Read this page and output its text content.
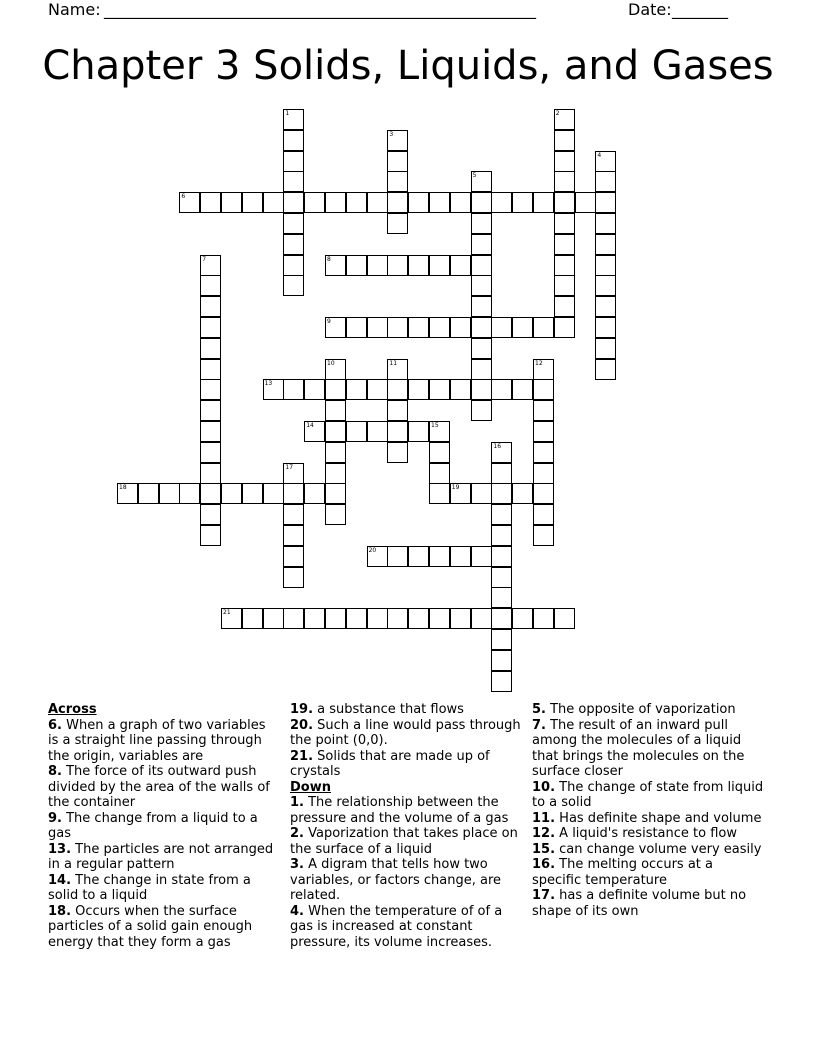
Name: ______________________________________________________	Date: _______
Chapter 3 Solids, Liquids, and Gases
1	2
3
4
5
6
7	8
9
10	11	12
13
14	15
16
17
18	19
20
21
Across
6. When a graph of two variables is a straight line passing through the origin, variables are
8. The force of its outward push divided by the area of the walls of the container
9. The change from a liquid to a gas
13. The particles are not arranged in a regular pattern
14. The change in state from a solid to a liquid
18. Occurs when the surface particles of a solid gain enough energy that they form a gas
19. a substance that flows
20. Such a line would pass through the point (0,0).
21. Solids that are made up of crystals
Down
1. The relationship between the pressure and the volume of a gas
2. Vaporization that takes place on the surface of a liquid
3. A digram that tells how two variables, or factors change, are related.
4. When the temperature of of a gas is increased at constant pressure, its volume increases.
5. The opposite of vaporization
7. The result of an inward pull among the molecules of a liquid that brings the molecules on the surface closer
10. The change of state from liquid to a solid
11. Has definite shape and volume
12. A liquid's resistance to flow
15. can change volume very easily
16. The melting occurs at a specific temperature
17. has a definite volume but no shape of its own
